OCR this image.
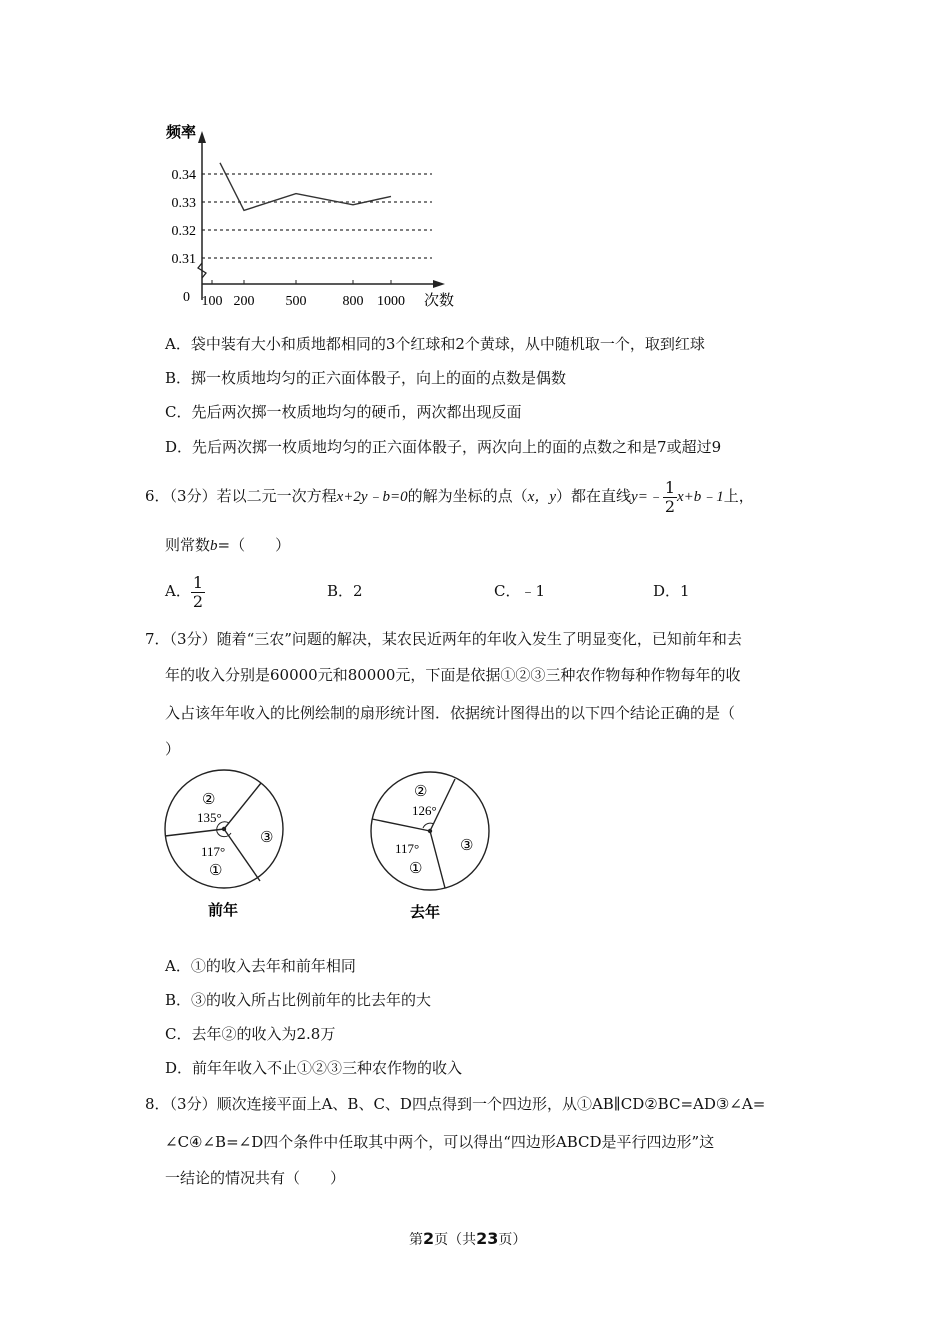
频率
0.34
0.33
0.32
0.31
100 200 500	800 1000
0	次数
A．袋中装有大小和质地都相同的3个红球和2个黄球，从中随机取一个，取到红球
B．掷一枚质地均匀的正六面体骰子，向上的面的点数是偶数
C．先后两次掷一枚质地均匀的硬币，两次都出现反面
D．先后两次掷一枚质地均匀的正六面体骰子，两次向上的面的点数之和是7或超过9
6．（3分）若以二元一次方程x+2y﹣b=0的解为坐标的点（x，y）都在直线y=﹣ $\frac{1}{2}$ x+b﹣1上，
则常数b=（　　）
A． $\frac{1}{2}$	B．2	C．﹣1	D．1
7．（3分）随着“三农”问题的解决，某农民近两年的年收入发生了明显变化，已知前年和去
年的收入分别是60000元和80000元，下面是依据①②③三种农作物每种作物每年的收
入占该年年收入的比例绘制的扇形统计图．依据统计图得出的以下四个结论正确的是（
）
②
135°
117°
①
③
前年
②
126°
117°
①
③
去年
A．①的收入去年和前年相同
B．③的收入所占比例前年的比去年的大
C．去年②的收入为2.8万
D．前年年收入不止①②③三种农作物的收入
8．（3分）顺次连接平面上A、B、C、D四点得到一个四边形，从①AB∥CD②BC=AD③∠A=
∠C④∠B=∠D四个条件中任取其中两个，可以得出“四边形ABCD是平行四边形”这
一结论的情况共有（　　）
第2页（共23页）
